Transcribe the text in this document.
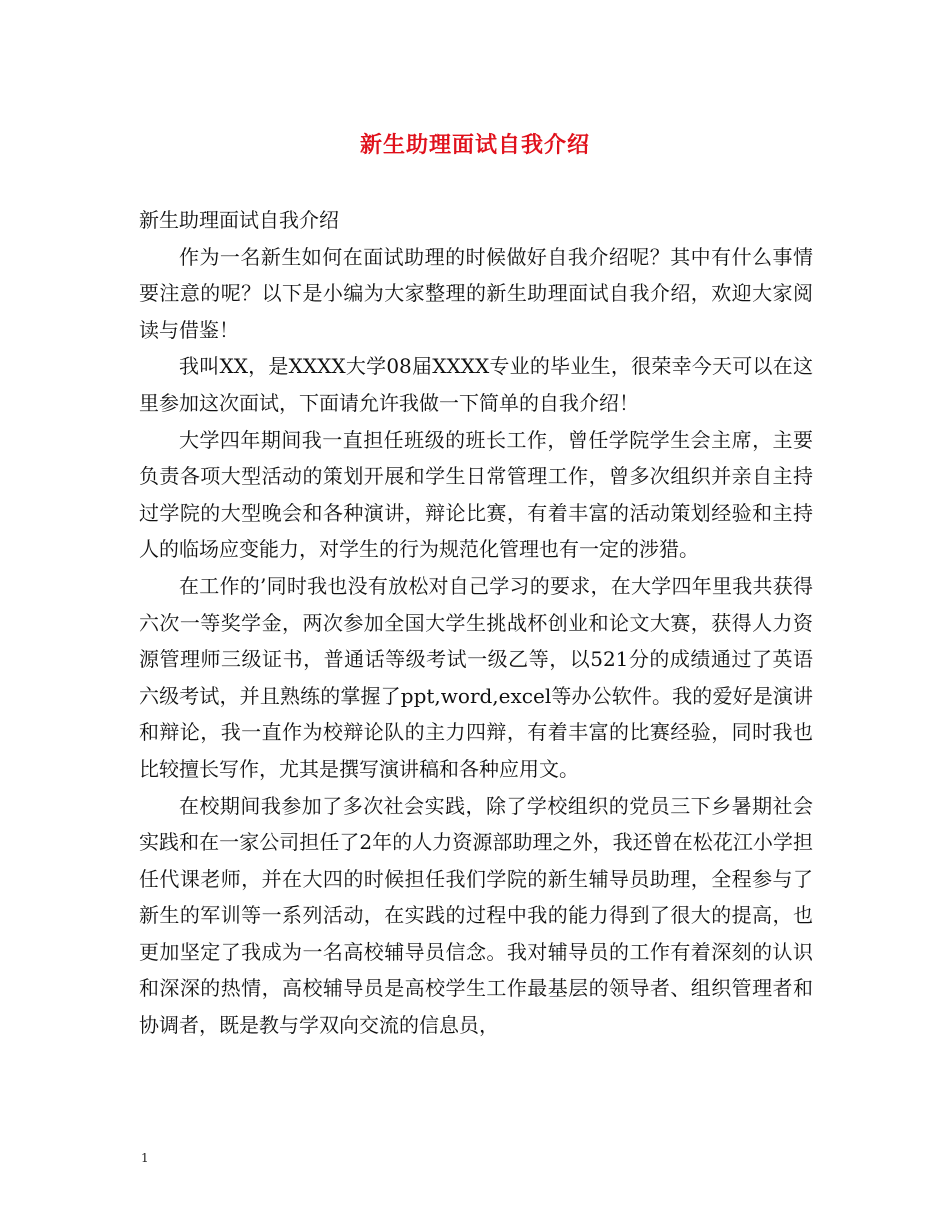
新生助理面试自我介绍

新生助理面试自我介绍

作为一名新生如何在面试助理的时候做好自我介绍呢？其中有什么事情要注意的呢？以下是小编为大家整理的新生助理面试自我介绍，欢迎大家阅读与借鉴！

我叫XX，是XXXX大学08届XXXX专业的毕业生，很荣幸今天可以在这里参加这次面试，下面请允许我做一下简单的自我介绍！

大学四年期间我一直担任班级的班长工作，曾任学院学生会主席，主要负责各项大型活动的策划开展和学生日常管理工作，曾多次组织并亲自主持过学院的大型晚会和各种演讲，辩论比赛，有着丰富的活动策划经验和主持人的临场应变能力，对学生的行为规范化管理也有一定的涉猎。

在工作的’同时我也没有放松对自己学习的要求，在大学四年里我共获得六次一等奖学金，两次参加全国大学生挑战杯创业和论文大赛，获得人力资源管理师三级证书，普通话等级考试一级乙等，以521分的成绩通过了英语六级考试，并且熟练的掌握了ppt,word,excel等办公软件。我的爱好是演讲和辩论，我一直作为校辩论队的主力四辩，有着丰富的比赛经验，同时我也比较擅长写作，尤其是撰写演讲稿和各种应用文。

在校期间我参加了多次社会实践，除了学校组织的党员三下乡暑期社会实践和在一家公司担任了2年的人力资源部助理之外，我还曾在松花江小学担任代课老师，并在大四的时候担任我们学院的新生辅导员助理，全程参与了新生的军训等一系列活动，在实践的过程中我的能力得到了很大的提高，也更加坚定了我成为一名高校辅导员信念。我对辅导员的工作有着深刻的认识和深深的热情，高校辅导员是高校学生工作最基层的领导者、组织管理者和协调者，既是教与学双向交流的信息员，

1
